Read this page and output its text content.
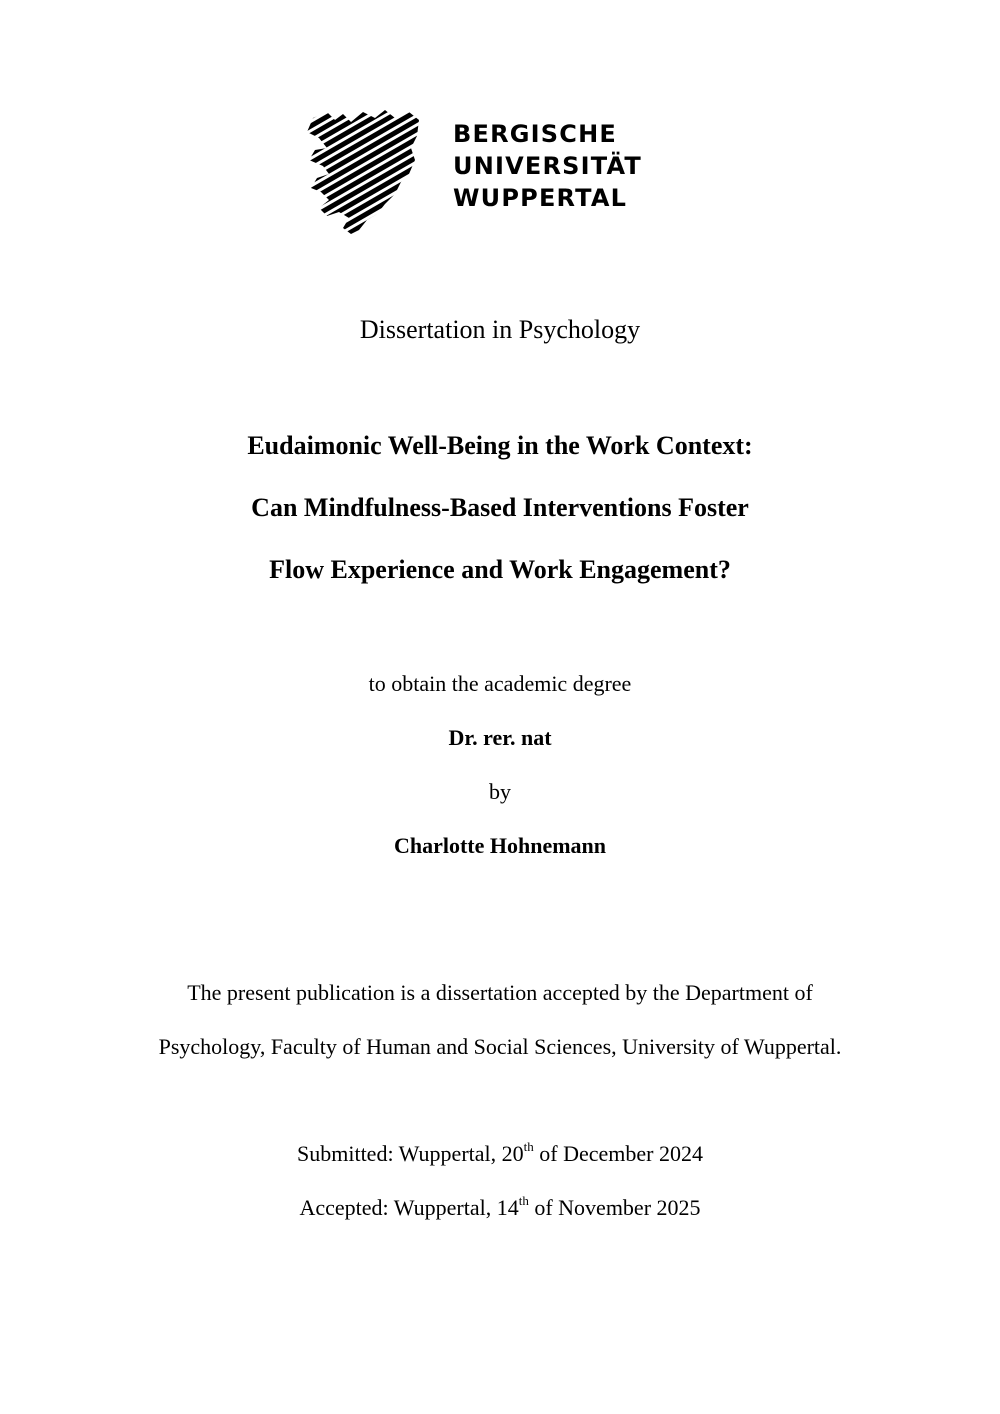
BERGISCHE
UNIVERSITÄT
WUPPERTAL
Dissertation in Psychology
Eudaimonic Well-Being in the Work Context:
Can Mindfulness-Based Interventions Foster
Flow Experience and Work Engagement?
to obtain the academic degree
Dr. rer. nat
by
Charlotte Hohnemann
The present publication is a dissertation accepted by the Department of
Psychology, Faculty of Human and Social Sciences, University of Wuppertal.
Submitted: Wuppertal, 20th of December 2024
Accepted: Wuppertal, 14th of November 2025
